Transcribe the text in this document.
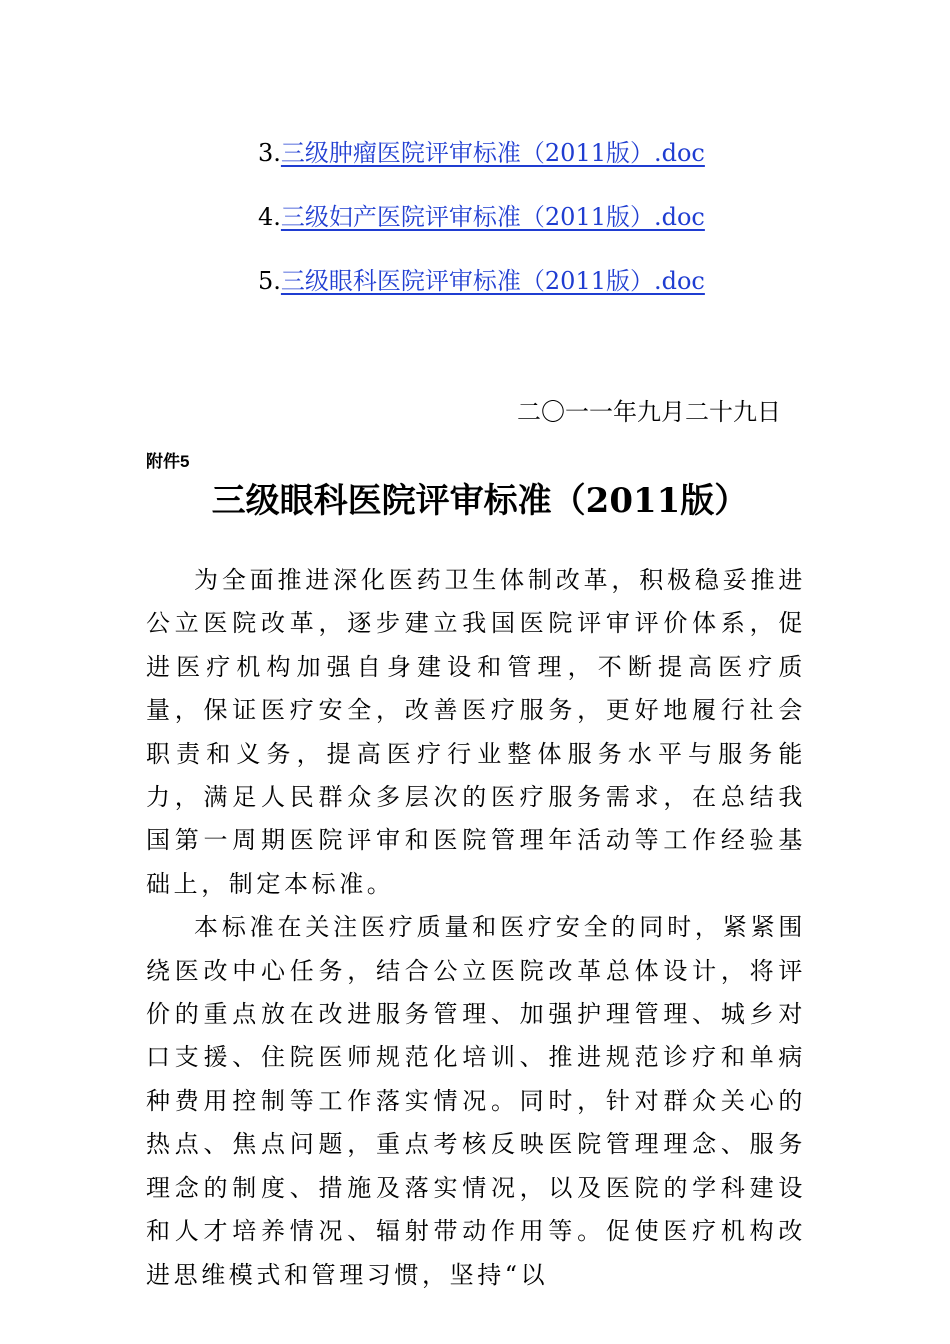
3.三级肿瘤医院评审标准（2011版）.doc
4.三级妇产医院评审标准（2011版）.doc
5.三级眼科医院评审标准（2011版）.doc
二〇一一年九月二十九日
附件5
三级眼科医院评审标准（2011版）

为全面推进深化医药卫生体制改革，积极稳妥推进公立医院改革，逐步建立我国医院评审评价体系，促进医疗机构加强自身建设和管理，不断提高医疗质量，保证医疗安全，改善医疗服务，更好地履行社会职责和义务，提高医疗行业整体服务水平与服务能力，满足人民群众多层次的医疗服务需求，在总结我国第一周期医院评审和医院管理年活动等工作经验基础上，制定本标准。

本标准在关注医疗质量和医疗安全的同时，紧紧围绕医改中心任务，结合公立医院改革总体设计，将评价的重点放在改进服务管理、加强护理管理、城乡对口支援、住院医师规范化培训、推进规范诊疗和单病种费用控制等工作落实情况。同时，针对群众关心的热点、焦点问题，重点考核反映医院管理理念、服务理念的制度、措施及落实情况，以及医院的学科建设和人才培养情况、辐射带动作用等。促使医疗机构改进思维模式和管理习惯，坚持“以
